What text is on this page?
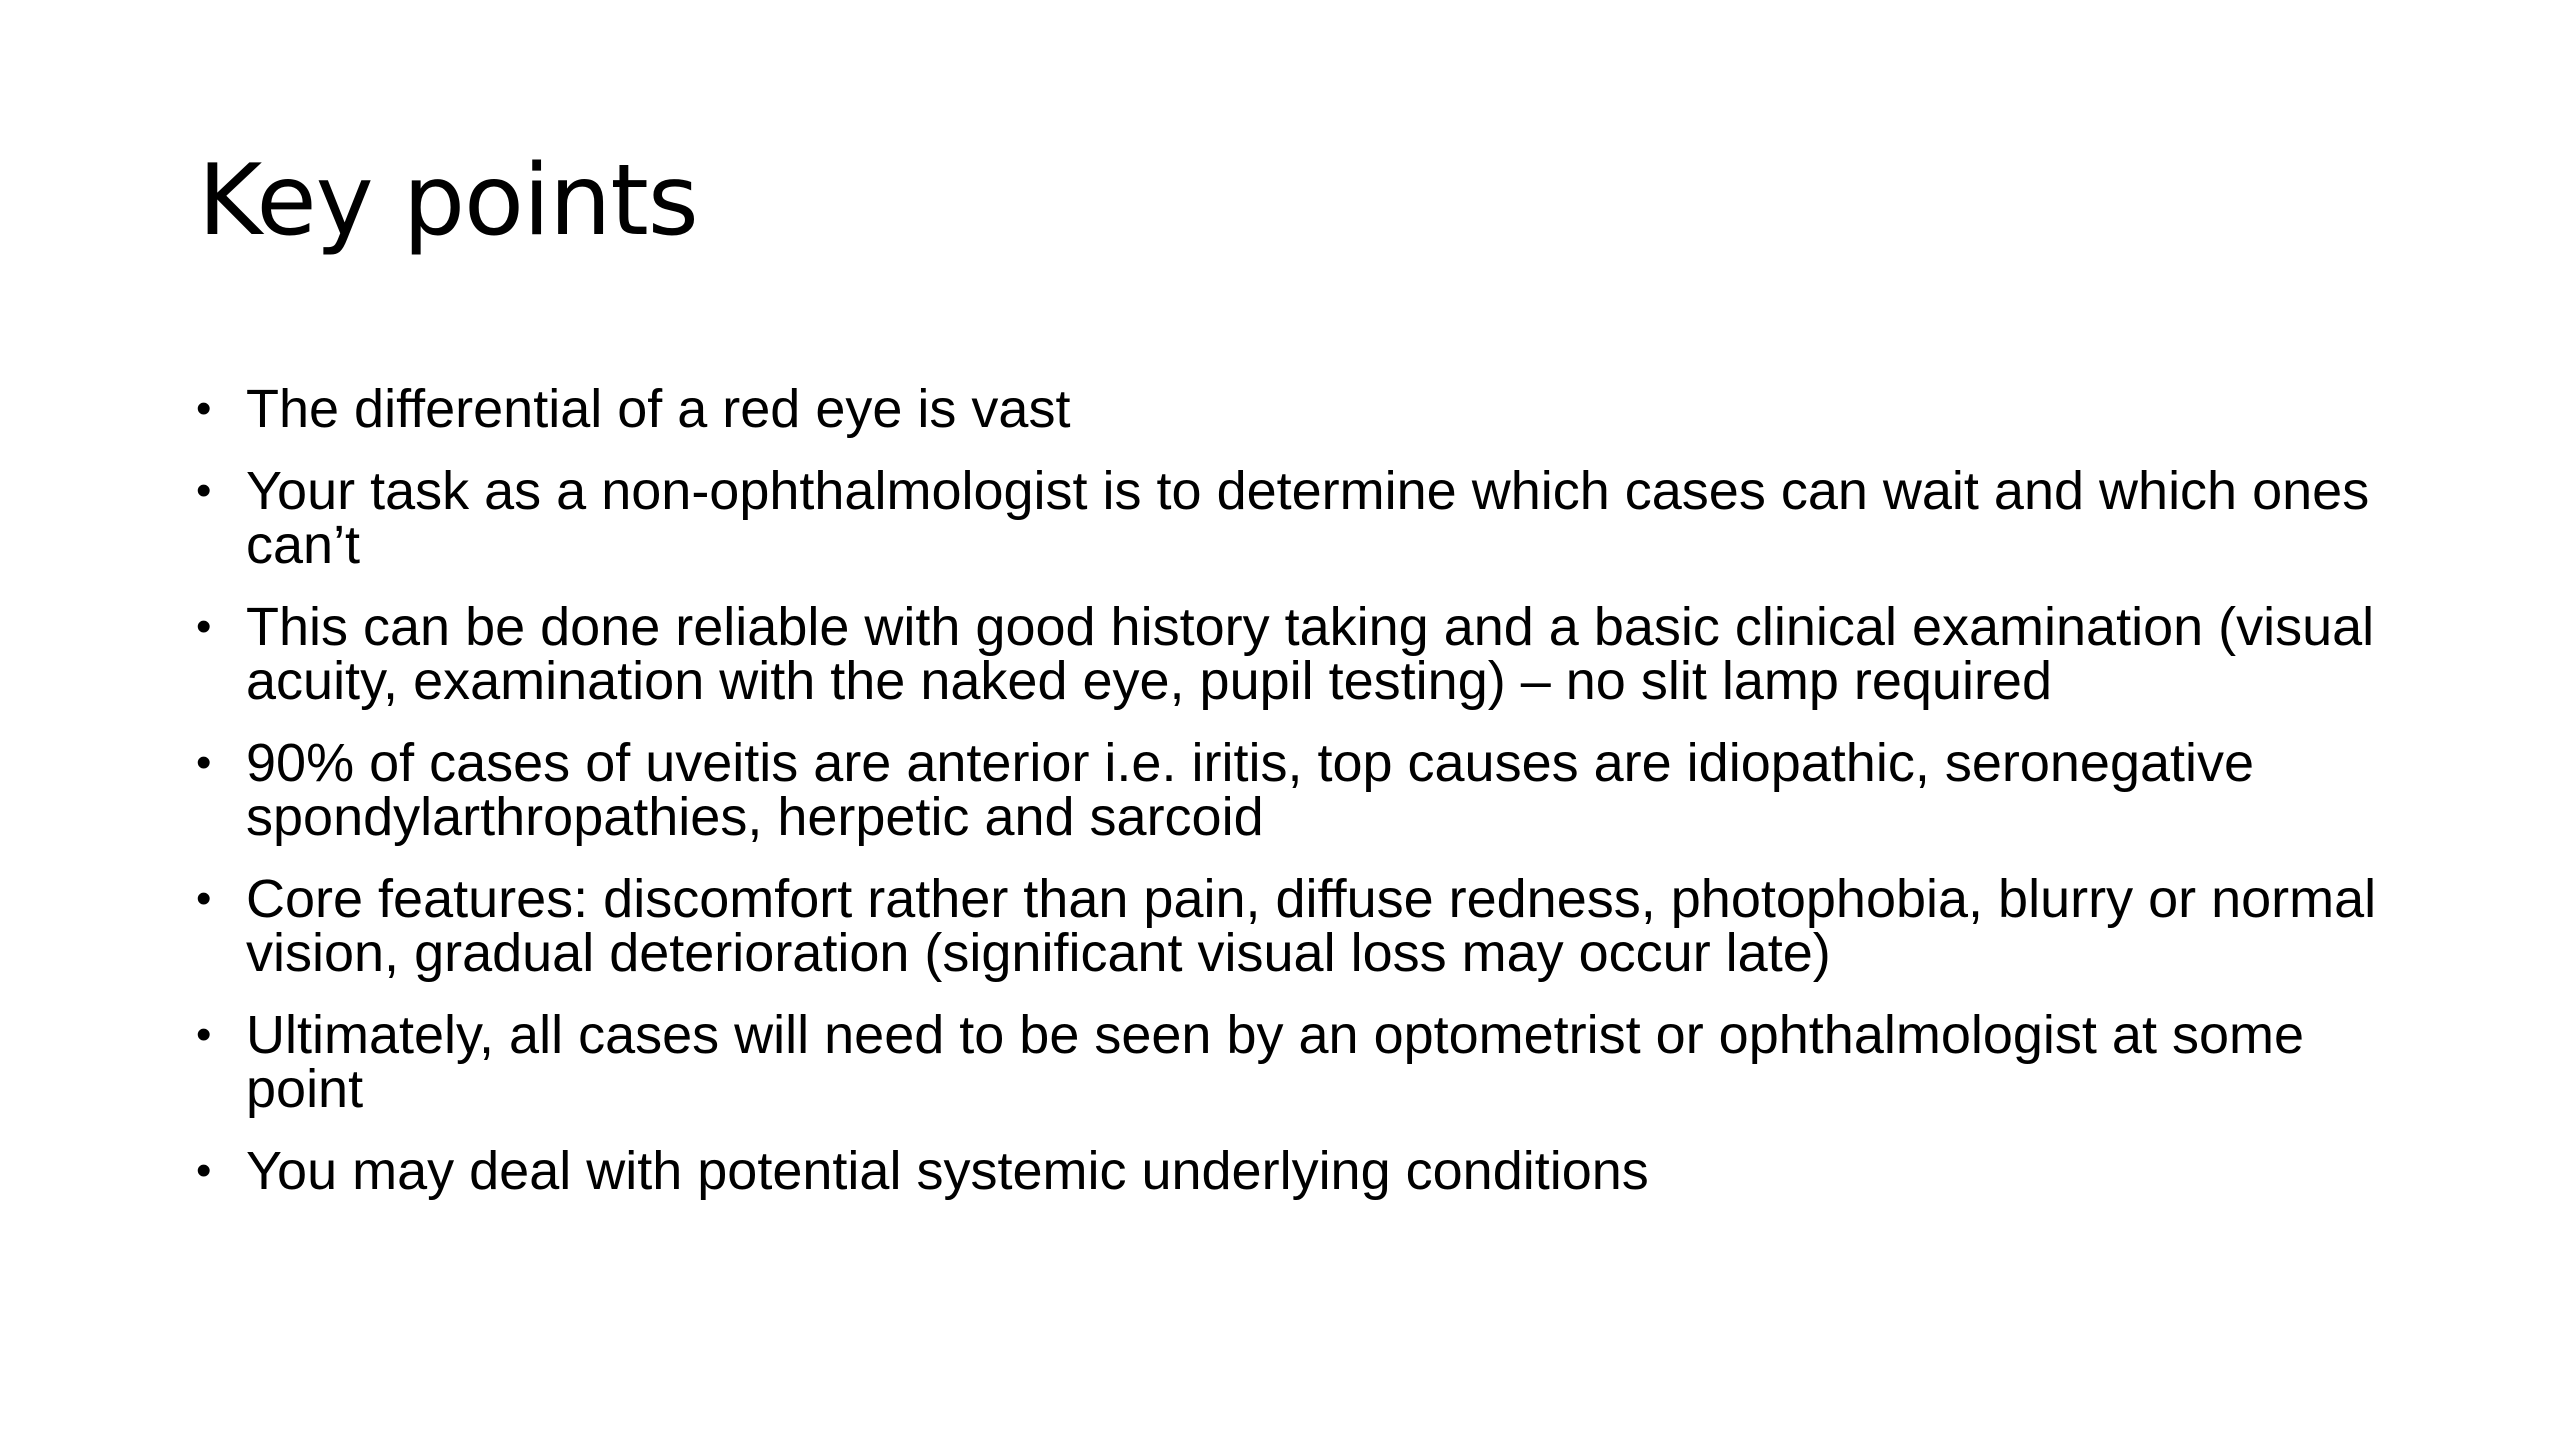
Key points
• The differential of a red eye is vast
• Your task as a non-ophthalmologist is to determine which cases can wait and which ones can’t
• This can be done reliable with good history taking and a basic clinical examination (visual acuity, examination with the naked eye, pupil testing) – no slit lamp required
• 90% of cases of uveitis are anterior i.e. iritis, top causes are idiopathic, seronegative spondylarthropathies, herpetic and sarcoid
• Core features: discomfort rather than pain, diffuse redness, photophobia, blurry or normal vision, gradual deterioration (significant visual loss may occur late)
• Ultimately, all cases will need to be seen by an optometrist or ophthalmologist at some point
• You may deal with potential systemic underlying conditions
